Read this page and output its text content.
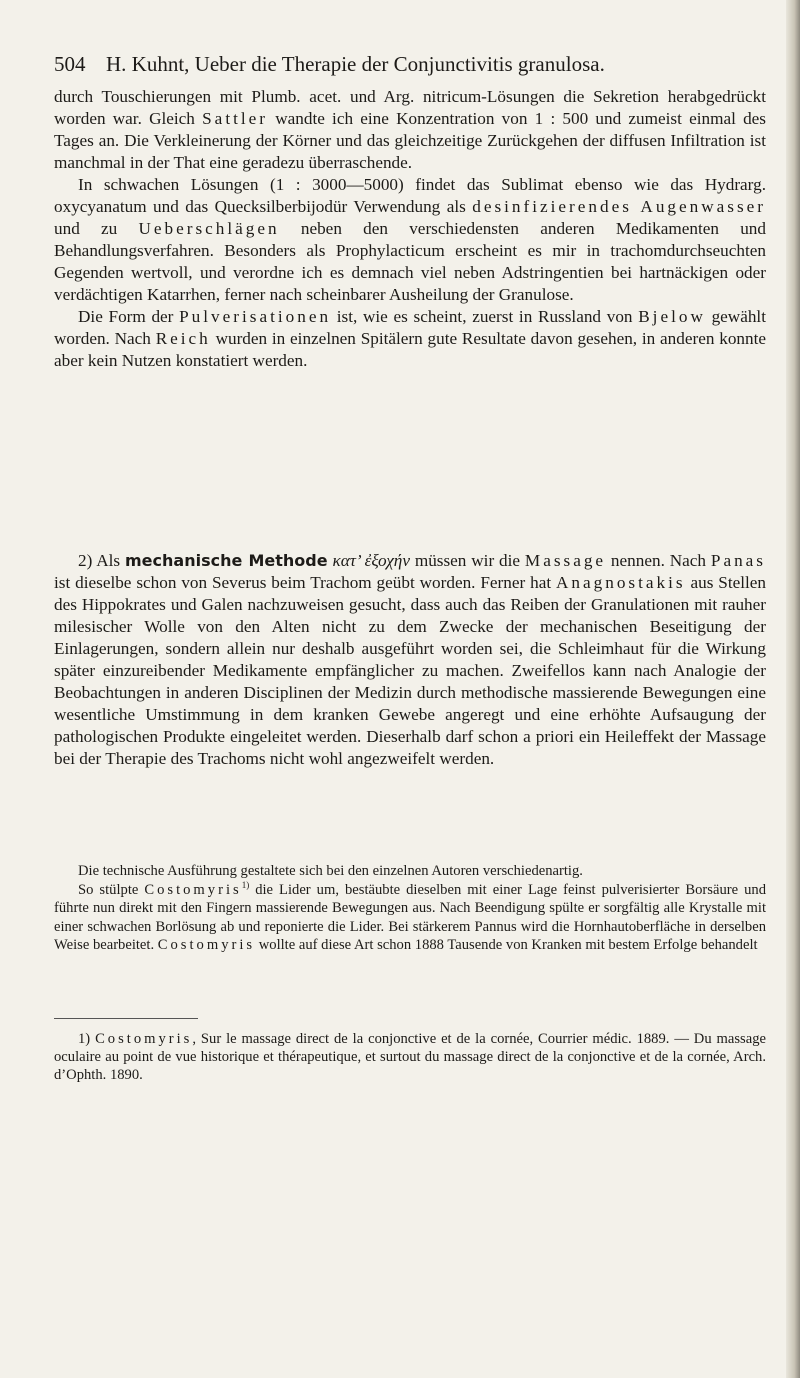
504 H. Kuhnt, Ueber die Therapie der Conjunctivitis granulosa.

durch Touschierungen mit Plumb. acet. und Arg. nitricum-Lösungen die Sekretion herabgedrückt worden war. Gleich Sattler wandte ich eine Konzentration von 1 : 500 und zumeist einmal des Tages an. Die Verkleinerung der Körner und das gleichzeitige Zurückgehen der diffusen Infiltration ist manchmal in der That eine geradezu überraschende.

In schwachen Lösungen (1 : 3000—5000) findet das Sublimat ebenso wie das Hydrarg. oxycyanatum und das Quecksilberbijodür Verwendung als desinfizierendes Augenwasser und zu Ueberschlägen neben den verschiedensten anderen Medikamenten und Behandlungsverfahren. Besonders als Prophylacticum erscheint es mir in trachomdurchseuchten Gegenden wertvoll, und verordne ich es demnach viel neben Adstringentien bei hartnäckigen oder verdächtigen Katarrhen, ferner nach scheinbarer Ausheilung der Granulose.

Die Form der Pulverisationen ist, wie es scheint, zuerst in Russland von Bjelow gewählt worden. Nach Reich wurden in einzelnen Spitälern gute Resultate davon gesehen, in anderen konnte aber kein Nutzen konstatiert werden.

2) Als mechanische Methode κατ’ ἐξοχήν müssen wir die Massage nennen. Nach Panas ist dieselbe schon von Severus beim Trachom geübt worden. Ferner hat Anagnostakis aus Stellen des Hippokrates und Galen nachzuweisen gesucht, dass auch das Reiben der Granulationen mit rauher milesischer Wolle von den Alten nicht zu dem Zwecke der mechanischen Beseitigung der Einlagerungen, sondern allein nur deshalb ausgeführt worden sei, die Schleimhaut für die Wirkung später einzureibender Medikamente empfänglicher zu machen. Zweifellos kann nach Analogie der Beobachtungen in anderen Disciplinen der Medizin durch methodische massierende Bewegungen eine wesentliche Umstimmung in dem kranken Gewebe angeregt und eine erhöhte Aufsaugung der pathologischen Produkte eingeleitet werden. Dieserhalb darf schon a priori ein Heileffekt der Massage bei der Therapie des Trachoms nicht wohl angezweifelt werden.

Die technische Ausführung gestaltete sich bei den einzelnen Autoren verschiedenartig.

So stülpte Costomyris$^{1)}$ die Lider um, bestäubte dieselben mit einer Lage feinst pulverisierter Borsäure und führte nun direkt mit den Fingern massierende Bewegungen aus. Nach Beendigung spülte er sorgfältig alle Krystalle mit einer schwachen Borlösung ab und reponierte die Lider. Bei stärkerem Pannus wird die Hornhautoberfläche in derselben Weise bearbeitet. Costomyris wollte auf diese Art schon 1888 Tausende von Kranken mit bestem Erfolge behandelt

1) Costomyris, Sur le massage direct de la conjonctive et de la cornée, Courrier médic. 1889. — Du massage oculaire au point de vue historique et thérapeutique, et surtout du massage direct de la conjonctive et de la cornée, Arch. d’Ophth. 1890.
